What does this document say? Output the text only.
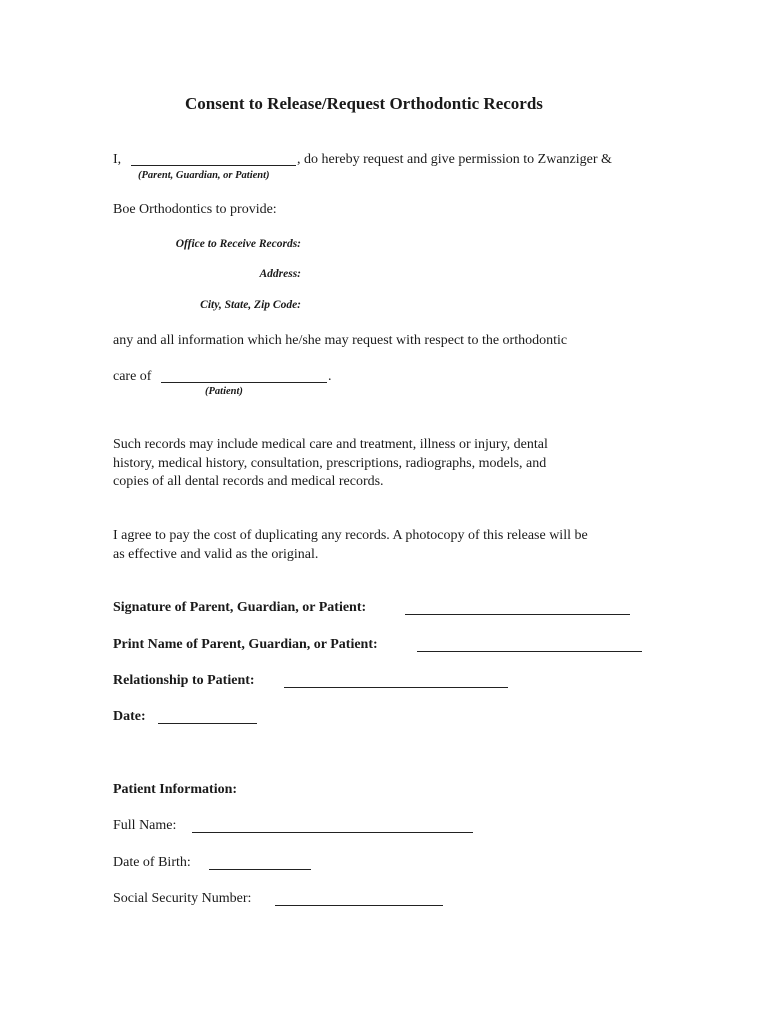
Consent to Release/Request Orthodontic Records
I,	, do hereby request and give permission to Zwanziger &
(Parent, Guardian, or Patient)
Boe Orthodontics to provide:
Office to Receive Records:
Address:
City, State, Zip Code:
any and all information which he/she may request with respect to the orthodontic
care of	.
(Patient)
Such records may include medical care and treatment, illness or injury, dental
history, medical history, consultation, prescriptions, radiographs, models, and
copies of all dental records and medical records.
I agree to pay the cost of duplicating any records. A photocopy of this release will be
as effective and valid as the original.
Signature of Parent, Guardian, or Patient:
Print Name of Parent, Guardian, or Patient:
Relationship to Patient:
Date:
Patient Information:
Full Name:
Date of Birth:
Social Security Number:
